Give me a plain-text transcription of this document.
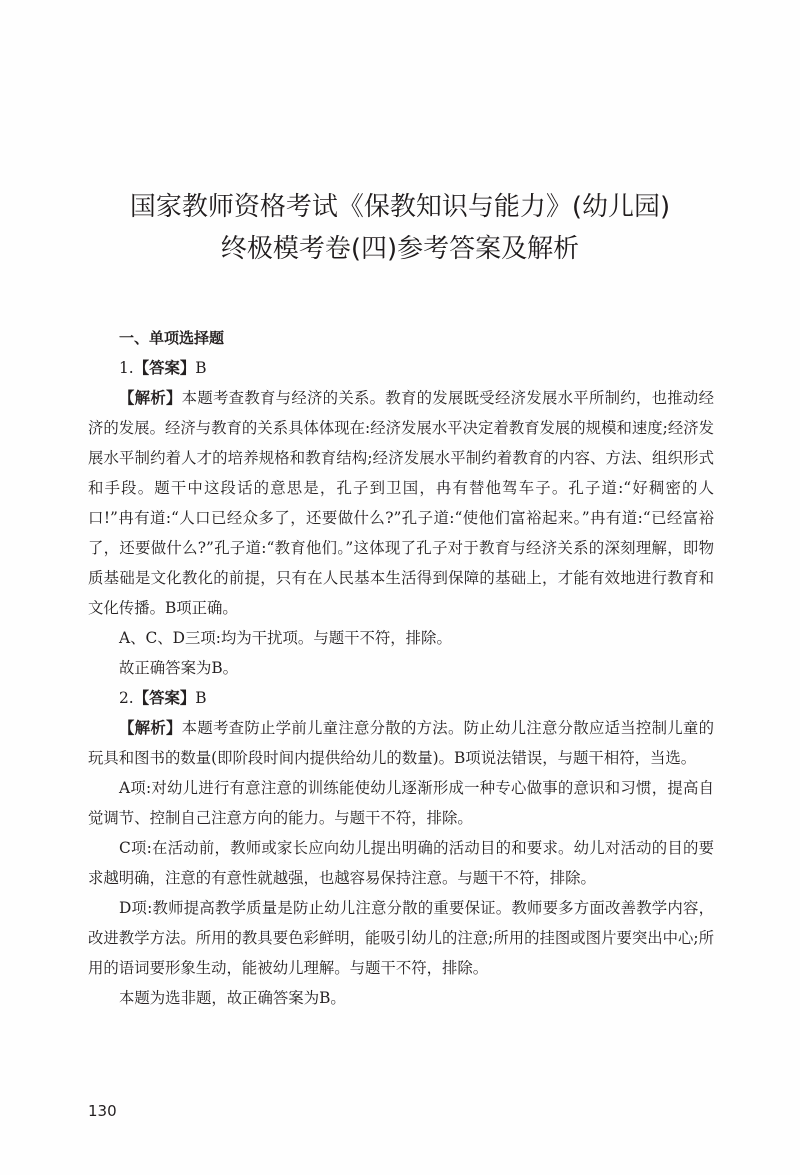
国家教师资格考试《保教知识与能力》(幼儿园)
终极模考卷(四)参考答案及解析

一、单项选择题

1.【答案】B

【解析】本题考查教育与经济的关系。教育的发展既受经济发展水平所制约，也推动经济的发展。经济与教育的关系具体体现在:经济发展水平决定着教育发展的规模和速度;经济发展水平制约着人才的培养规格和教育结构;经济发展水平制约着教育的内容、方法、组织形式和手段。题干中这段话的意思是，孔子到卫国，冉有替他驾车子。孔子道:“好稠密的人口!”冉有道:“人口已经众多了，还要做什么?”孔子道:“使他们富裕起来。”冉有道:“已经富裕了，还要做什么?”孔子道:“教育他们。”这体现了孔子对于教育与经济关系的深刻理解，即物质基础是文化教化的前提，只有在人民基本生活得到保障的基础上，才能有效地进行教育和文化传播。B项正确。

A、C、D三项:均为干扰项。与题干不符，排除。

故正确答案为B。

2.【答案】B

【解析】本题考查防止学前儿童注意分散的方法。防止幼儿注意分散应适当控制儿童的玩具和图书的数量(即阶段时间内提供给幼儿的数量)。B项说法错误，与题干相符，当选。

A项:对幼儿进行有意注意的训练能使幼儿逐渐形成一种专心做事的意识和习惯，提高自觉调节、控制自己注意方向的能力。与题干不符，排除。

C项:在活动前，教师或家长应向幼儿提出明确的活动目的和要求。幼儿对活动的目的要求越明确，注意的有意性就越强，也越容易保持注意。与题干不符，排除。

D项:教师提高教学质量是防止幼儿注意分散的重要保证。教师要多方面改善教学内容，改进教学方法。所用的教具要色彩鲜明，能吸引幼儿的注意;所用的挂图或图片要突出中心;所用的语词要形象生动，能被幼儿理解。与题干不符，排除。

本题为选非题，故正确答案为B。

130
